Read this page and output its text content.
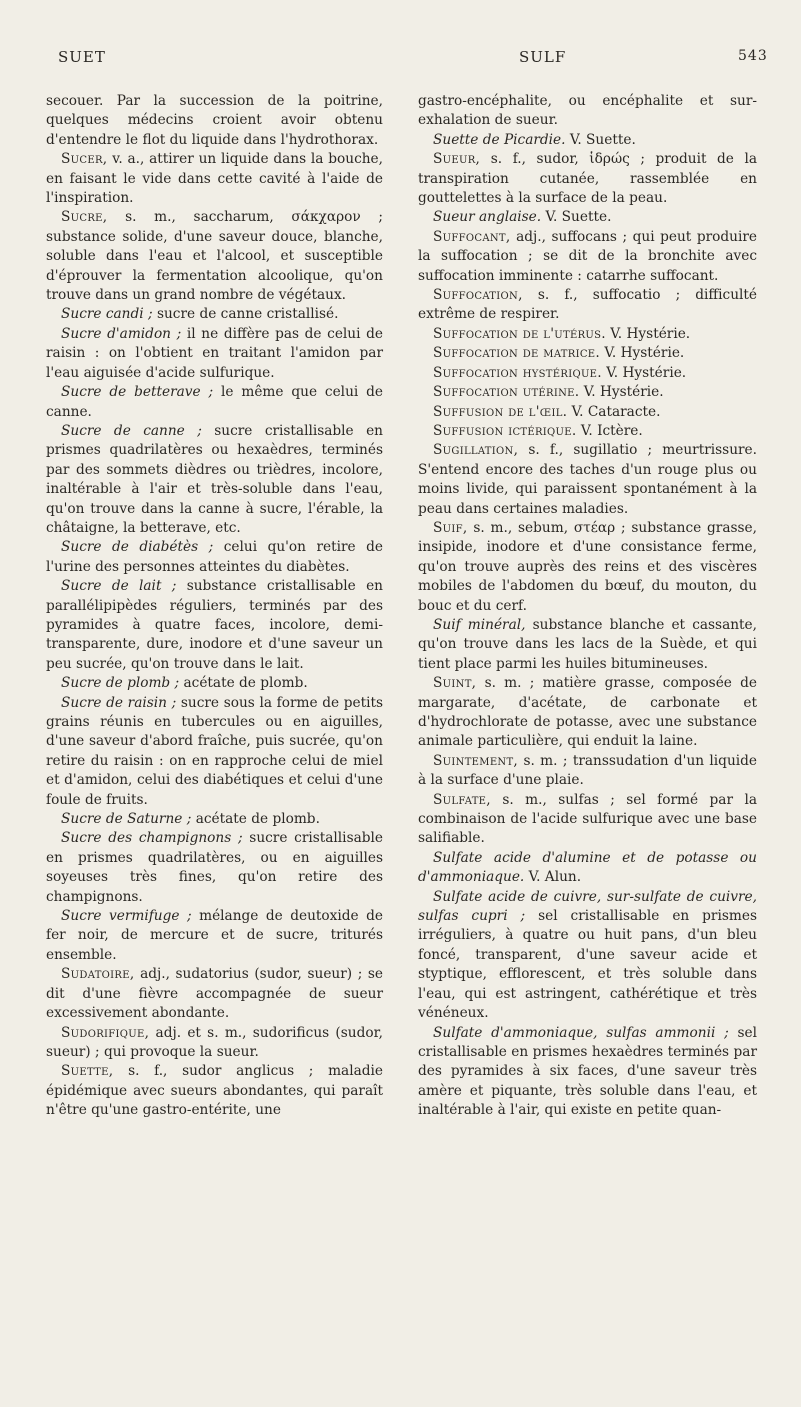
SUET	SULF	543

secouer. Par la succession de la poitrine, quelques médecins croient avoir obtenu d'entendre le flot du liquide dans l'hydrothorax.

Sucer, v. a., attirer un liquide dans la bouche, en faisant le vide dans cette cavité à l'aide de l'inspiration.

Sucre, s. m., saccharum, σάκχαρον ; substance solide, d'une saveur douce, blanche, soluble dans l'eau et l'alcool, et susceptible d'éprouver la fermentation alcoolique, qu'on trouve dans un grand nombre de végétaux.

Sucre candi ; sucre de canne cristallisé.

Sucre d'amidon ; il ne diffère pas de celui de raisin : on l'obtient en traitant l'amidon par l'eau aiguisée d'acide sulfurique.

Sucre de betterave ; le même que celui de canne.

Sucre de canne ; sucre cristallisable en prismes quadrilatères ou hexaèdres, terminés par des sommets dièdres ou trièdres, incolore, inaltérable à l'air et très-soluble dans l'eau, qu'on trouve dans la canne à sucre, l'érable, la châtaigne, la betterave, etc.

Sucre de diabétès ; celui qu'on retire de l'urine des personnes atteintes du diabètes.

Sucre de lait ; substance cristallisable en parallélipipèdes réguliers, terminés par des pyramides à quatre faces, incolore, demi-transparente, dure, inodore et d'une saveur un peu sucrée, qu'on trouve dans le lait.

Sucre de plomb ; acétate de plomb.

Sucre de raisin ; sucre sous la forme de petits grains réunis en tubercules ou en aiguilles, d'une saveur d'abord fraîche, puis sucrée, qu'on retire du raisin : on en rapproche celui de miel et d'amidon, celui des diabétiques et celui d'une foule de fruits.

Sucre de Saturne ; acétate de plomb.

Sucre des champignons ; sucre cristallisable en prismes quadrilatères, ou en aiguilles soyeuses très fines, qu'on retire des champignons.

Sucre vermifuge ; mélange de deutoxide de fer noir, de mercure et de sucre, triturés ensemble.

Sudatoire, adj., sudatorius (sudor, sueur) ; se dit d'une fièvre accompagnée de sueur excessivement abondante.

Sudorifique, adj. et s. m., sudorificus (sudor, sueur) ; qui provoque la sueur.

Suette, s. f., sudor anglicus ; maladie épidémique avec sueurs abondantes, qui paraît n'être qu'une gastro-entérite, une

gastro-encéphalite, ou encéphalite et sur-exhalation de sueur.

Suette de Picardie. V. Suette.

Sueur, s. f., sudor, ἱδρώς ; produit de la transpiration cutanée, rassemblée en gouttelettes à la surface de la peau.

Sueur anglaise. V. Suette.

Suffocant, adj., suffocans ; qui peut produire la suffocation ; se dit de la bronchite avec suffocation imminente : catarrhe suffocant.

Suffocation, s. f., suffocatio ; difficulté extrême de respirer.

Suffocation de l'utérus. V. Hystérie.

Suffocation de matrice. V. Hystérie.

Suffocation hystérique. V. Hystérie.

Suffocation utérine. V. Hystérie.

Suffusion de l'œil. V. Cataracte.

Suffusion ictérique. V. Ictère.

Sugillation, s. f., sugillatio ; meurtrissure. S'entend encore des taches d'un rouge plus ou moins livide, qui paraissent spontanément à la peau dans certaines maladies.

Suif, s. m., sebum, στέαρ ; substance grasse, insipide, inodore et d'une consistance ferme, qu'on trouve auprès des reins et des viscères mobiles de l'abdomen du bœuf, du mouton, du bouc et du cerf.

Suif minéral, substance blanche et cassante, qu'on trouve dans les lacs de la Suède, et qui tient place parmi les huiles bitumineuses.

Suint, s. m. ; matière grasse, composée de margarate, d'acétate, de carbonate et d'hydrochlorate de potasse, avec une substance animale particulière, qui enduit la laine.

Suintement, s. m. ; transsudation d'un liquide à la surface d'une plaie.

Sulfate, s. m., sulfas ; sel formé par la combinaison de l'acide sulfurique avec une base salifiable.

Sulfate acide d'alumine et de potasse ou d'ammoniaque. V. Alun.

Sulfate acide de cuivre, sur-sulfate de cuivre, sulfas cupri ; sel cristallisable en prismes irréguliers, à quatre ou huit pans, d'un bleu foncé, transparent, d'une saveur acide et styptique, efflorescent, et très soluble dans l'eau, qui est astringent, cathérétique et très vénéneux.

Sulfate d'ammoniaque, sulfas ammonii ; sel cristallisable en prismes hexaèdres terminés par des pyramides à six faces, d'une saveur très amère et piquante, très soluble dans l'eau, et inaltérable à l'air, qui existe en petite quan-
